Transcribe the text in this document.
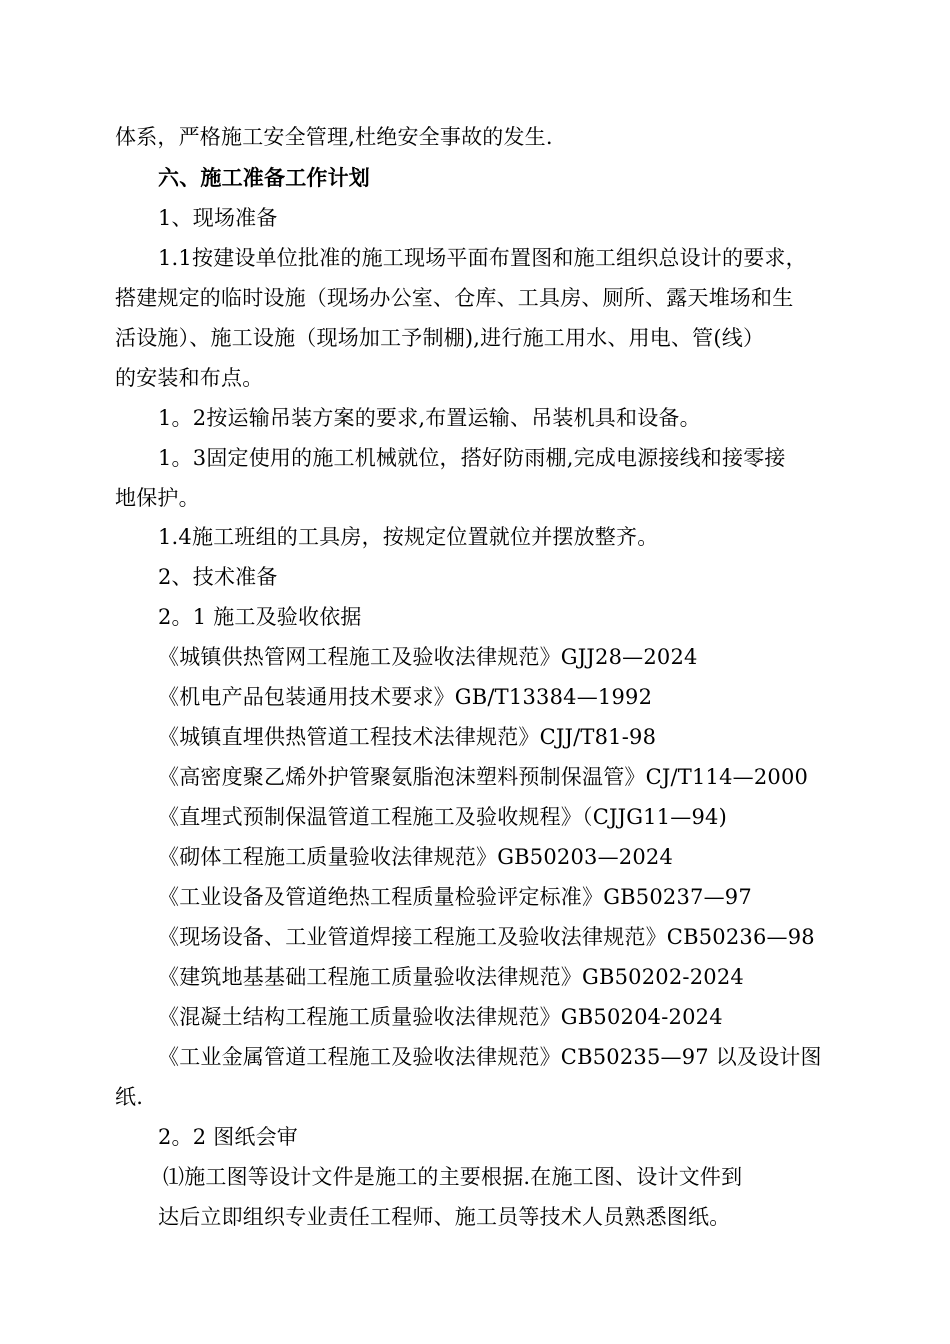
体系，严格施工安全管理,杜绝安全事故的发生.
六、施工准备工作计划
1、现场准备
1.1按建设单位批准的施工现场平面布置图和施工组织总设计的要求，
搭建规定的临时设施（现场办公室、仓库、工具房、厕所、露天堆场和生
活设施）、施工设施（现场加工予制棚),进行施工用水、用电、管(线）
的安装和布点。
1。2按运输吊装方案的要求,布置运输、吊装机具和设备。
1。3固定使用的施工机械就位，搭好防雨棚,完成电源接线和接零接
地保护。
1.4施工班组的工具房，按规定位置就位并摆放整齐。
2、技术准备
2。1 施工及验收依据
《城镇供热管网工程施工及验收法律规范》GJJ28—2024
《机电产品包装通用技术要求》GB/T13384—1992
《城镇直埋供热管道工程技术法律规范》CJJ/T81-98
《高密度聚乙烯外护管聚氨脂泡沫塑料预制保温管》CJ/T114—2000
《直埋式预制保温管道工程施工及验收规程》（CJJG11—94)
《砌体工程施工质量验收法律规范》GB50203—2024
《工业设备及管道绝热工程质量检验评定标准》GB50237—97
《现场设备、工业管道焊接工程施工及验收法律规范》CB50236—98
《建筑地基基础工程施工质量验收法律规范》GB50202-2024
《混凝土结构工程施工质量验收法律规范》GB50204-2024
《工业金属管道工程施工及验收法律规范》CB50235—97 以及设计图
纸.
2。2 图纸会审
⑴施工图等设计文件是施工的主要根据.在施工图、设计文件到
达后立即组织专业责任工程师、施工员等技术人员熟悉图纸。
